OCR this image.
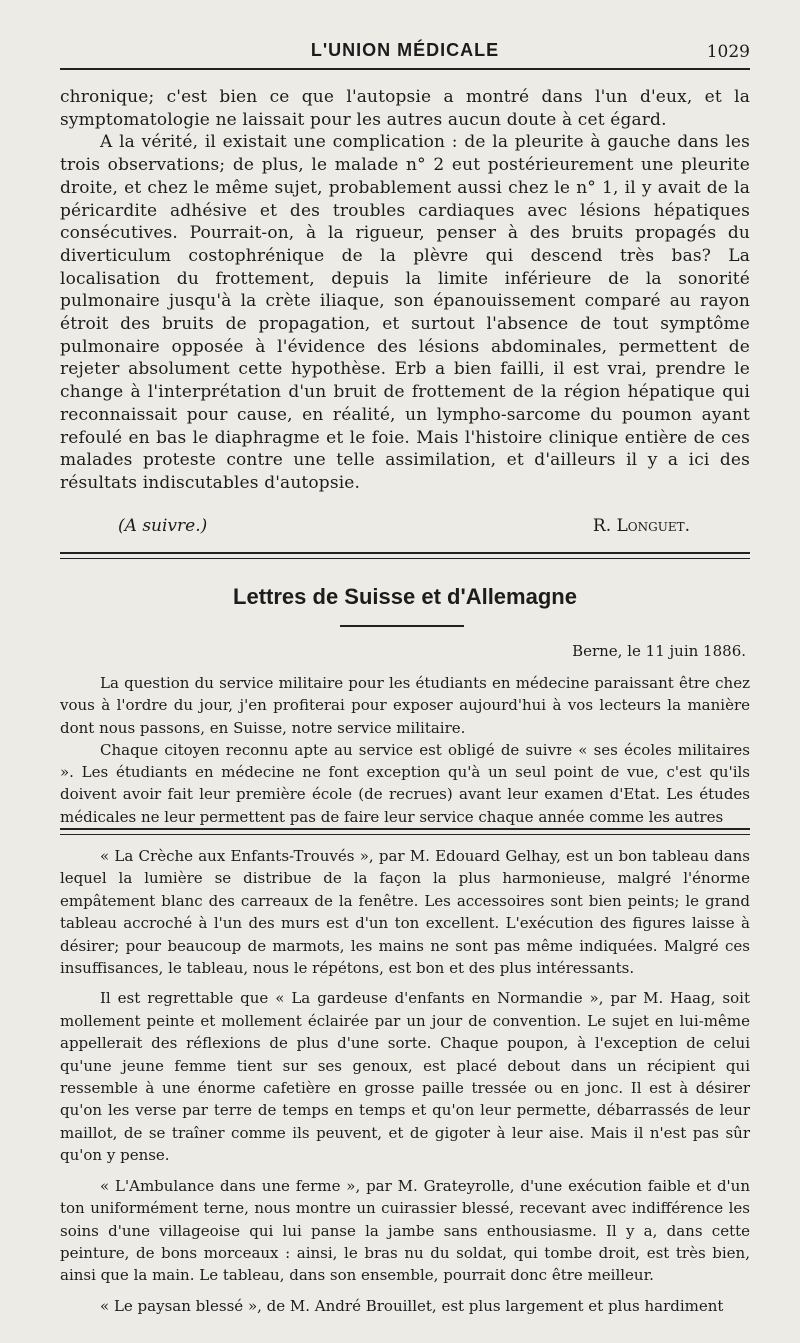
L'UNION MÉDICALE	1029

chronique; c'est bien ce que l'autopsie a montré dans l'un d'eux, et la symptomatologie ne laissait pour les autres aucun doute à cet égard.

A la vérité, il existait une complication : de la pleurite à gauche dans les trois observations; de plus, le malade n° 2 eut postérieurement une pleurite droite, et chez le même sujet, probablement aussi chez le n° 1, il y avait de la péricardite adhésive et des troubles cardiaques avec lésions hépatiques consécutives. Pourrait-on, à la rigueur, penser à des bruits propagés du diverticulum costophrénique de la plèvre qui descend très bas? La localisation du frottement, depuis la limite inférieure de la sonorité pulmonaire jusqu'à la crète iliaque, son épanouissement comparé au rayon étroit des bruits de propagation, et surtout l'absence de tout symptôme pulmonaire opposée à l'évidence des lésions abdominales, permettent de rejeter absolument cette hypothèse. Erb a bien failli, il est vrai, prendre le change à l'interprétation d'un bruit de frottement de la région hépatique qui reconnaissait pour cause, en réalité, un lympho-sarcome du poumon ayant refoulé en bas le diaphragme et le foie. Mais l'histoire clinique entière de ces malades proteste contre une telle assimilation, et d'ailleurs il y a ici des résultats indiscutables d'autopsie.

(A suivre.)	R. Longuet.
Lettres de Suisse et d'Allemagne
Berne, le 11 juin 1886.

La question du service militaire pour les étudiants en médecine paraissant être chez vous à l'ordre du jour, j'en profiterai pour exposer aujourd'hui à vos lecteurs la manière dont nous passons, en Suisse, notre service militaire.

Chaque citoyen reconnu apte au service est obligé de suivre « ses écoles militaires ». Les étudiants en médecine ne font exception qu'à un seul point de vue, c'est qu'ils doivent avoir fait leur première école (de recrues) avant leur examen d'Etat. Les études médicales ne leur permettent pas de faire leur service chaque année comme les autres

« La Crèche aux Enfants-Trouvés », par M. Edouard Gelhay, est un bon tableau dans lequel la lumière se distribue de la façon la plus harmonieuse, malgré l'énorme empâtement blanc des carreaux de la fenêtre. Les accessoires sont bien peints; le grand tableau accroché à l'un des murs est d'un ton excellent. L'exécution des figures laisse à désirer; pour beaucoup de marmots, les mains ne sont pas même indiquées. Malgré ces insuffisances, le tableau, nous le répétons, est bon et des plus intéressants.

Il est regrettable que « La gardeuse d'enfants en Normandie », par M. Haag, soit mollement peinte et mollement éclairée par un jour de convention. Le sujet en lui-même appellerait des réflexions de plus d'une sorte. Chaque poupon, à l'exception de celui qu'une jeune femme tient sur ses genoux, est placé debout dans un récipient qui ressemble à une énorme cafetière en grosse paille tressée ou en jonc. Il est à désirer qu'on les verse par terre de temps en temps et qu'on leur permette, débarrassés de leur maillot, de se traîner comme ils peuvent, et de gigoter à leur aise. Mais il n'est pas sûr qu'on y pense.

« L'Ambulance dans une ferme », par M. Grateyrolle, d'une exécution faible et d'un ton uniformément terne, nous montre un cuirassier blessé, recevant avec indifférence les soins d'une villageoise qui lui panse la jambe sans enthousiasme. Il y a, dans cette peinture, de bons morceaux : ainsi, le bras nu du soldat, qui tombe droit, est très bien, ainsi que la main. Le tableau, dans son ensemble, pourrait donc être meilleur.

« Le paysan blessé », de M. André Brouillet, est plus largement et plus hardiment
